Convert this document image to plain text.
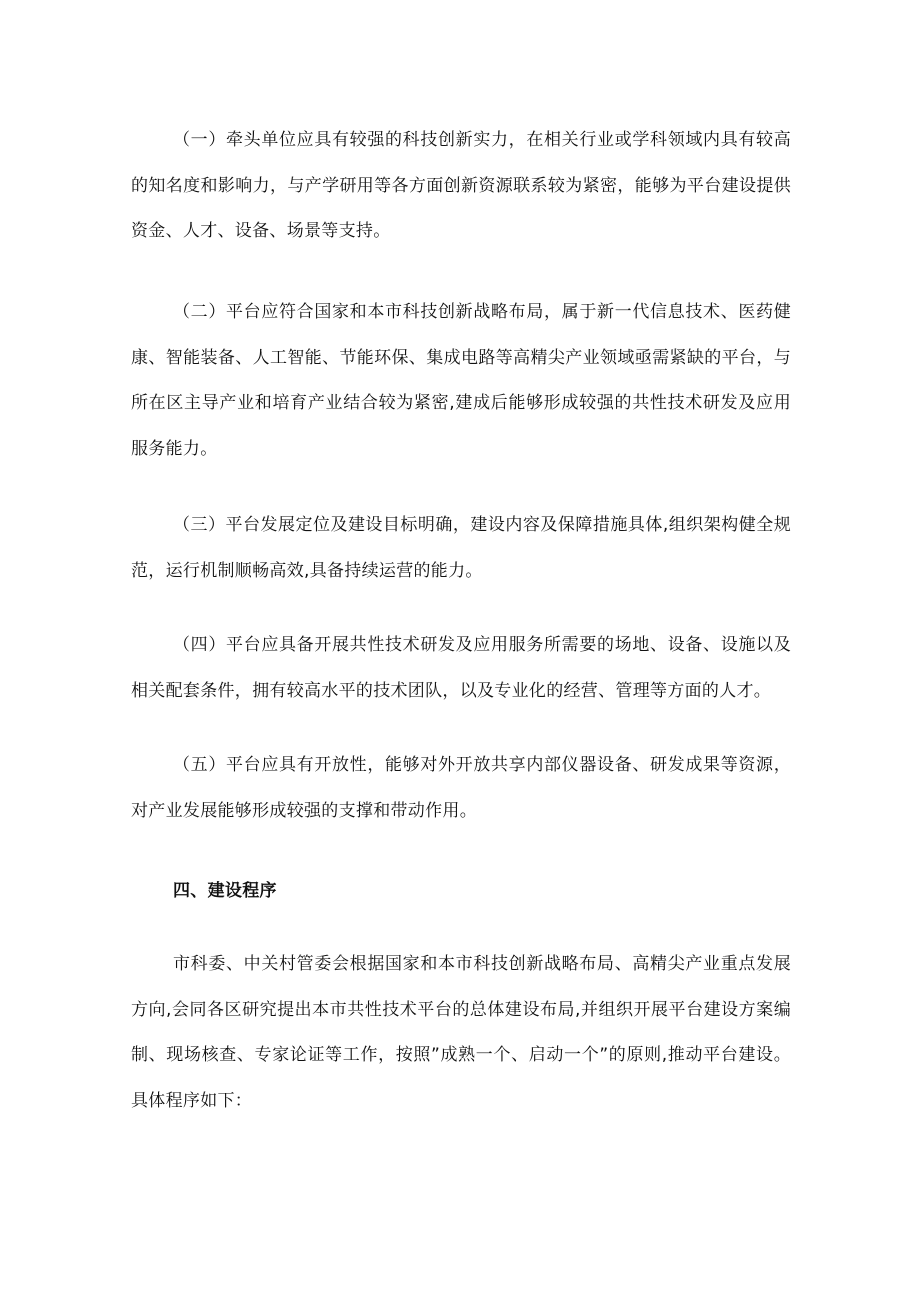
（一）牵头单位应具有较强的科技创新实力，在相关行业或学科领域内具有较高的知名度和影响力，与产学研用等各方面创新资源联系较为紧密，能够为平台建设提供资金、人才、设备、场景等支持。

（二）平台应符合国家和本市科技创新战略布局，属于新一代信息技术、医药健康、智能装备、人工智能、节能环保、集成电路等高精尖产业领域亟需紧缺的平台，与所在区主导产业和培育产业结合较为紧密,建成后能够形成较强的共性技术研发及应用服务能力。

（三）平台发展定位及建设目标明确，建设内容及保障措施具体,组织架构健全规范，运行机制顺畅高效,具备持续运营的能力。

（四）平台应具备开展共性技术研发及应用服务所需要的场地、设备、设施以及相关配套条件，拥有较高水平的技术团队，以及专业化的经营、管理等方面的人才。

（五）平台应具有开放性，能够对外开放共享内部仪器设备、研发成果等资源，对产业发展能够形成较强的支撑和带动作用。

四、建设程序

市科委、中关村管委会根据国家和本市科技创新战略布局、高精尖产业重点发展方向,会同各区研究提出本市共性技术平台的总体建设布局,并组织开展平台建设方案编制、现场核查、专家论证等工作，按照”成熟一个、启动一个”的原则,推动平台建设。具体程序如下：
